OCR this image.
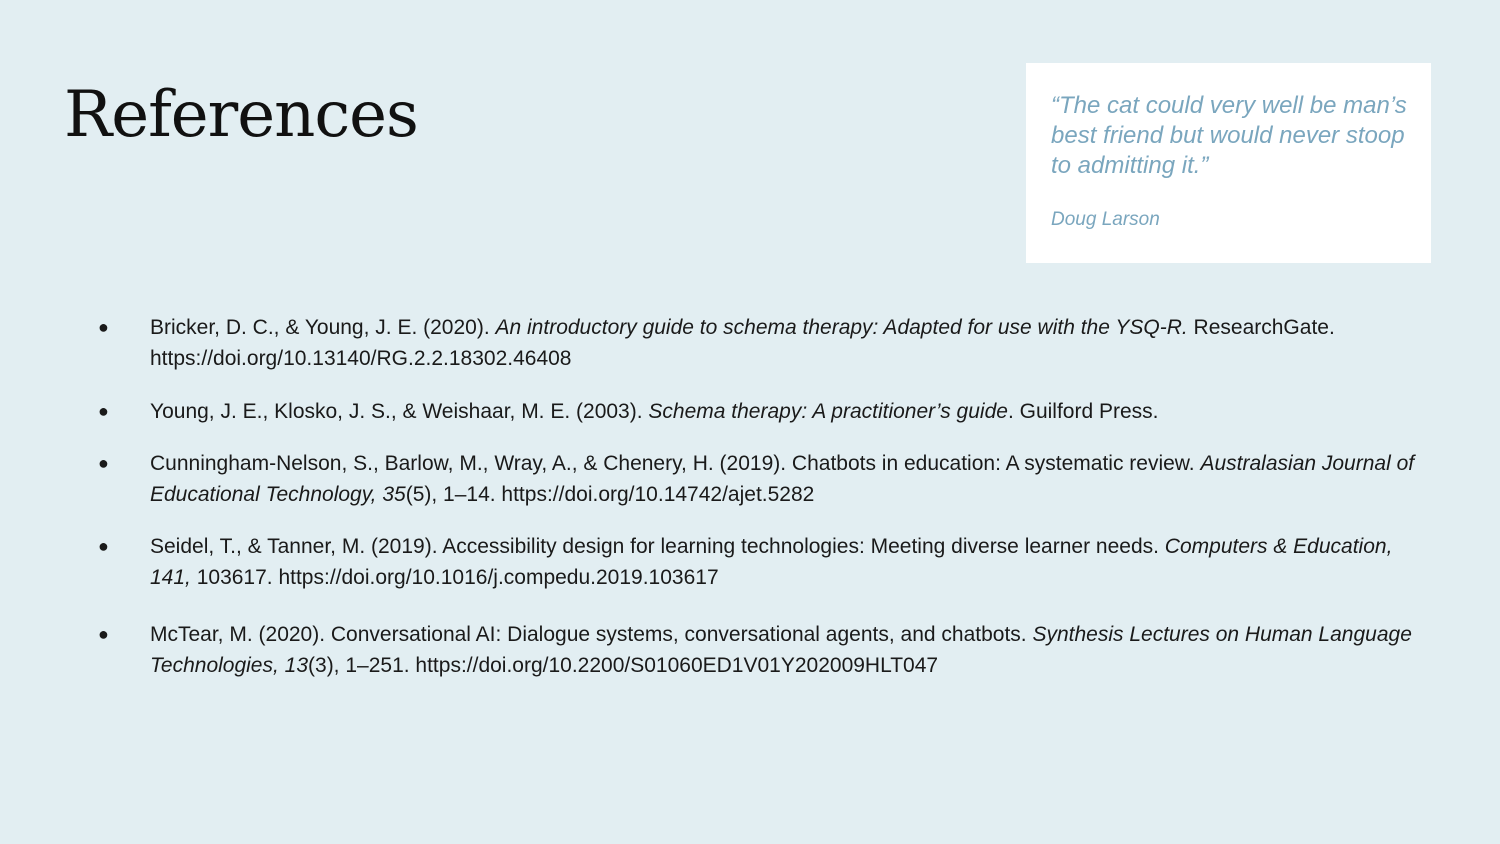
References	“The cat could very well be man’s best friend but would never stoop to admitting it.”

Doug Larson
● Bricker, D. C., & Young, J. E. (2020). An introductory guide to schema therapy: Adapted for use with the YSQ-R. ResearchGate. https://doi.org/10.13140/RG.2.2.18302.46408
● Young, J. E., Klosko, J. S., & Weishaar, M. E. (2003). Schema therapy: A practitioner’s guide. Guilford Press.
● Cunningham-Nelson, S., Barlow, M., Wray, A., & Chenery, H. (2019). Chatbots in education: A systematic review. Australasian Journal of Educational Technology, 35(5), 1–14. https://doi.org/10.14742/ajet.5282
● Seidel, T., & Tanner, M. (2019). Accessibility design for learning technologies: Meeting diverse learner needs. Computers & Education, 141, 103617. https://doi.org/10.1016/j.compedu.2019.103617
● McTear, M. (2020). Conversational AI: Dialogue systems, conversational agents, and chatbots. Synthesis Lectures on Human Language Technologies, 13(3), 1–251. https://doi.org/10.2200/S01060ED1V01Y202009HLT047
